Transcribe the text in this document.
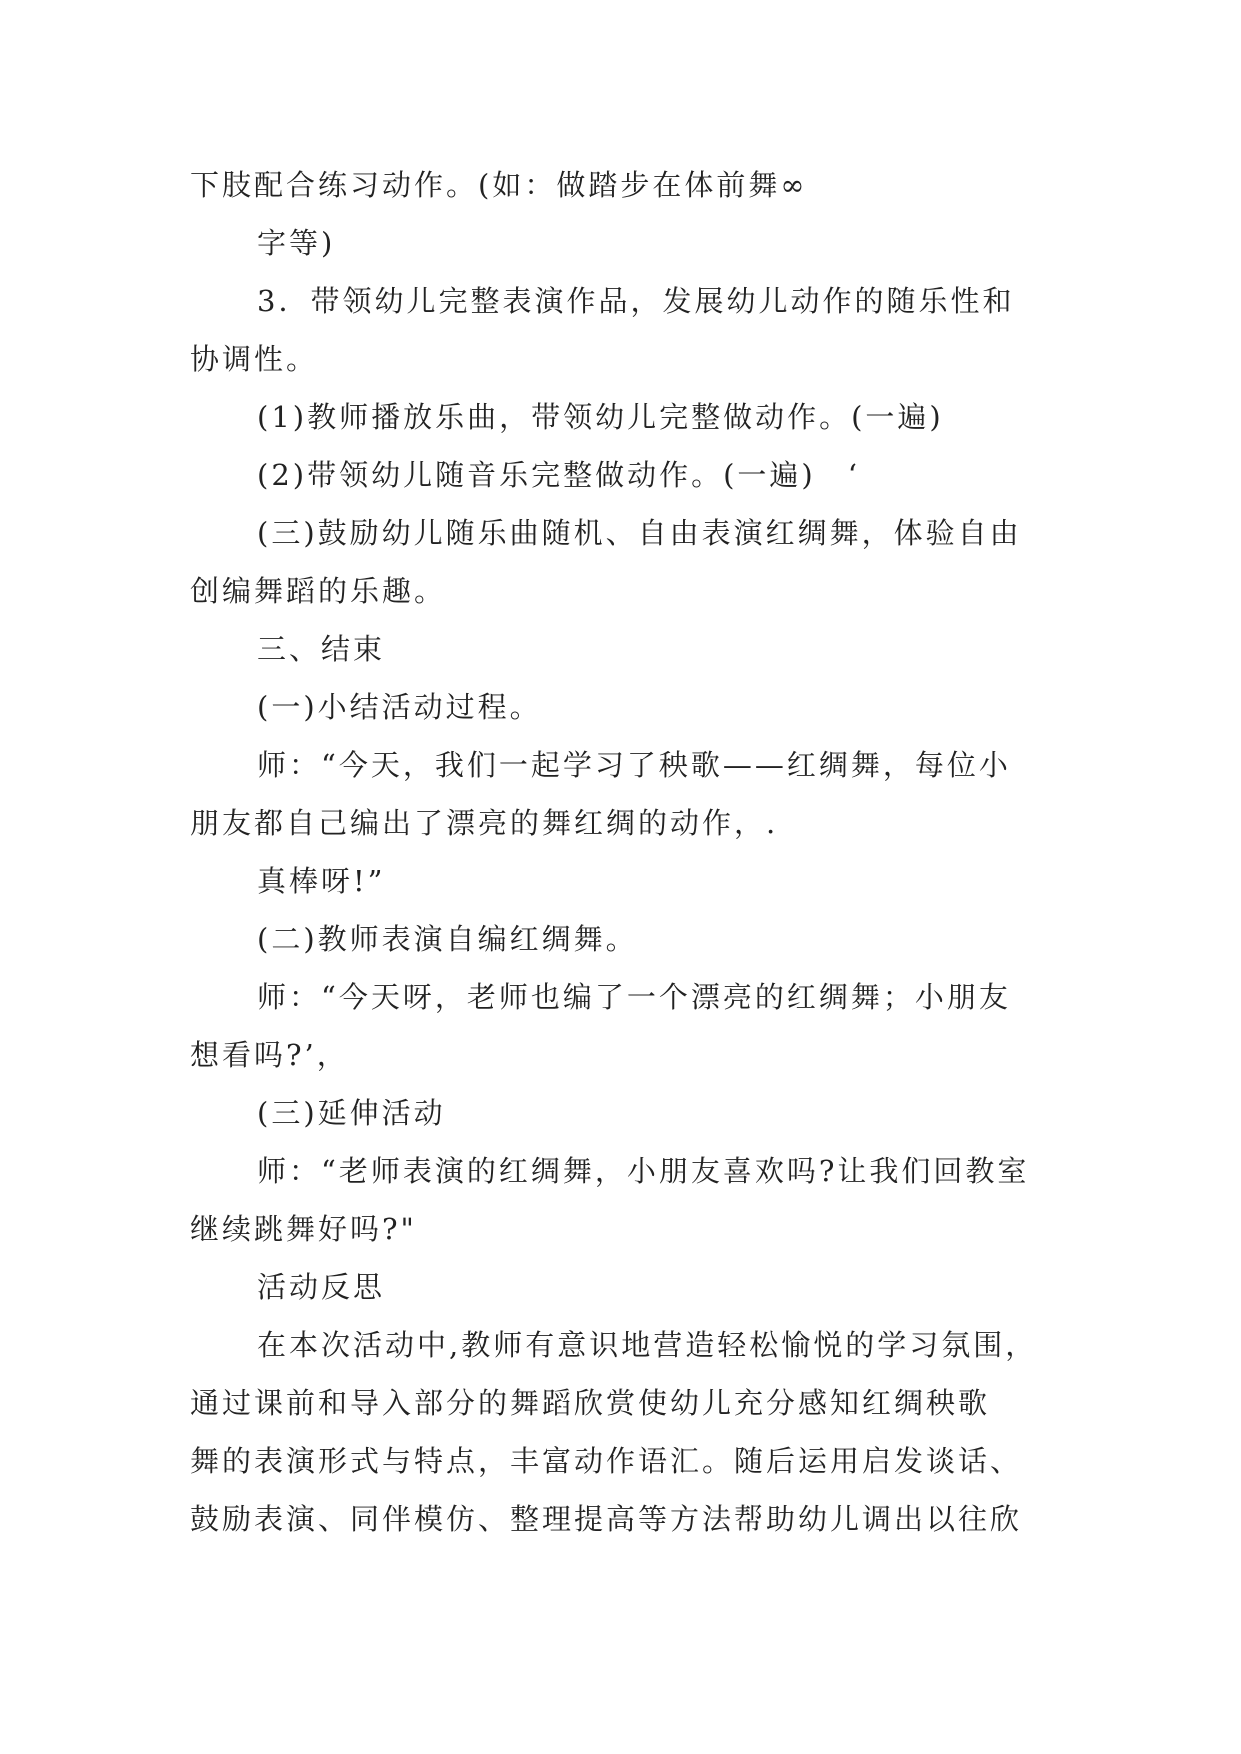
下肢配合练习动作。(如：做踏步在体前舞∞
字等)
3．带领幼儿完整表演作品，发展幼儿动作的随乐性和
协调性。
(1)教师播放乐曲，带领幼儿完整做动作。(一遍)
(2)带领幼儿随音乐完整做动作。(一遍)　‘
(三)鼓励幼儿随乐曲随机、自由表演红绸舞，体验自由
创编舞蹈的乐趣。
三、结束
(一)小结活动过程。
师：“今天，我们一起学习了秧歌——红绸舞，每位小
朋友都自己编出了漂亮的舞红绸的动作，.
真棒呀!”
(二)教师表演自编红绸舞。
师：“今天呀，老师也编了一个漂亮的红绸舞；小朋友
想看吗?’，
(三)延伸活动
师：“老师表演的红绸舞，小朋友喜欢吗?让我们回教室
继续跳舞好吗?"
活动反思
在本次活动中,教师有意识地营造轻松愉悦的学习氛围，
通过课前和导入部分的舞蹈欣赏使幼儿充分感知红绸秧歌
舞的表演形式与特点，丰富动作语汇。随后运用启发谈话、
鼓励表演、同伴模仿、整理提高等方法帮助幼儿调出以往欣
